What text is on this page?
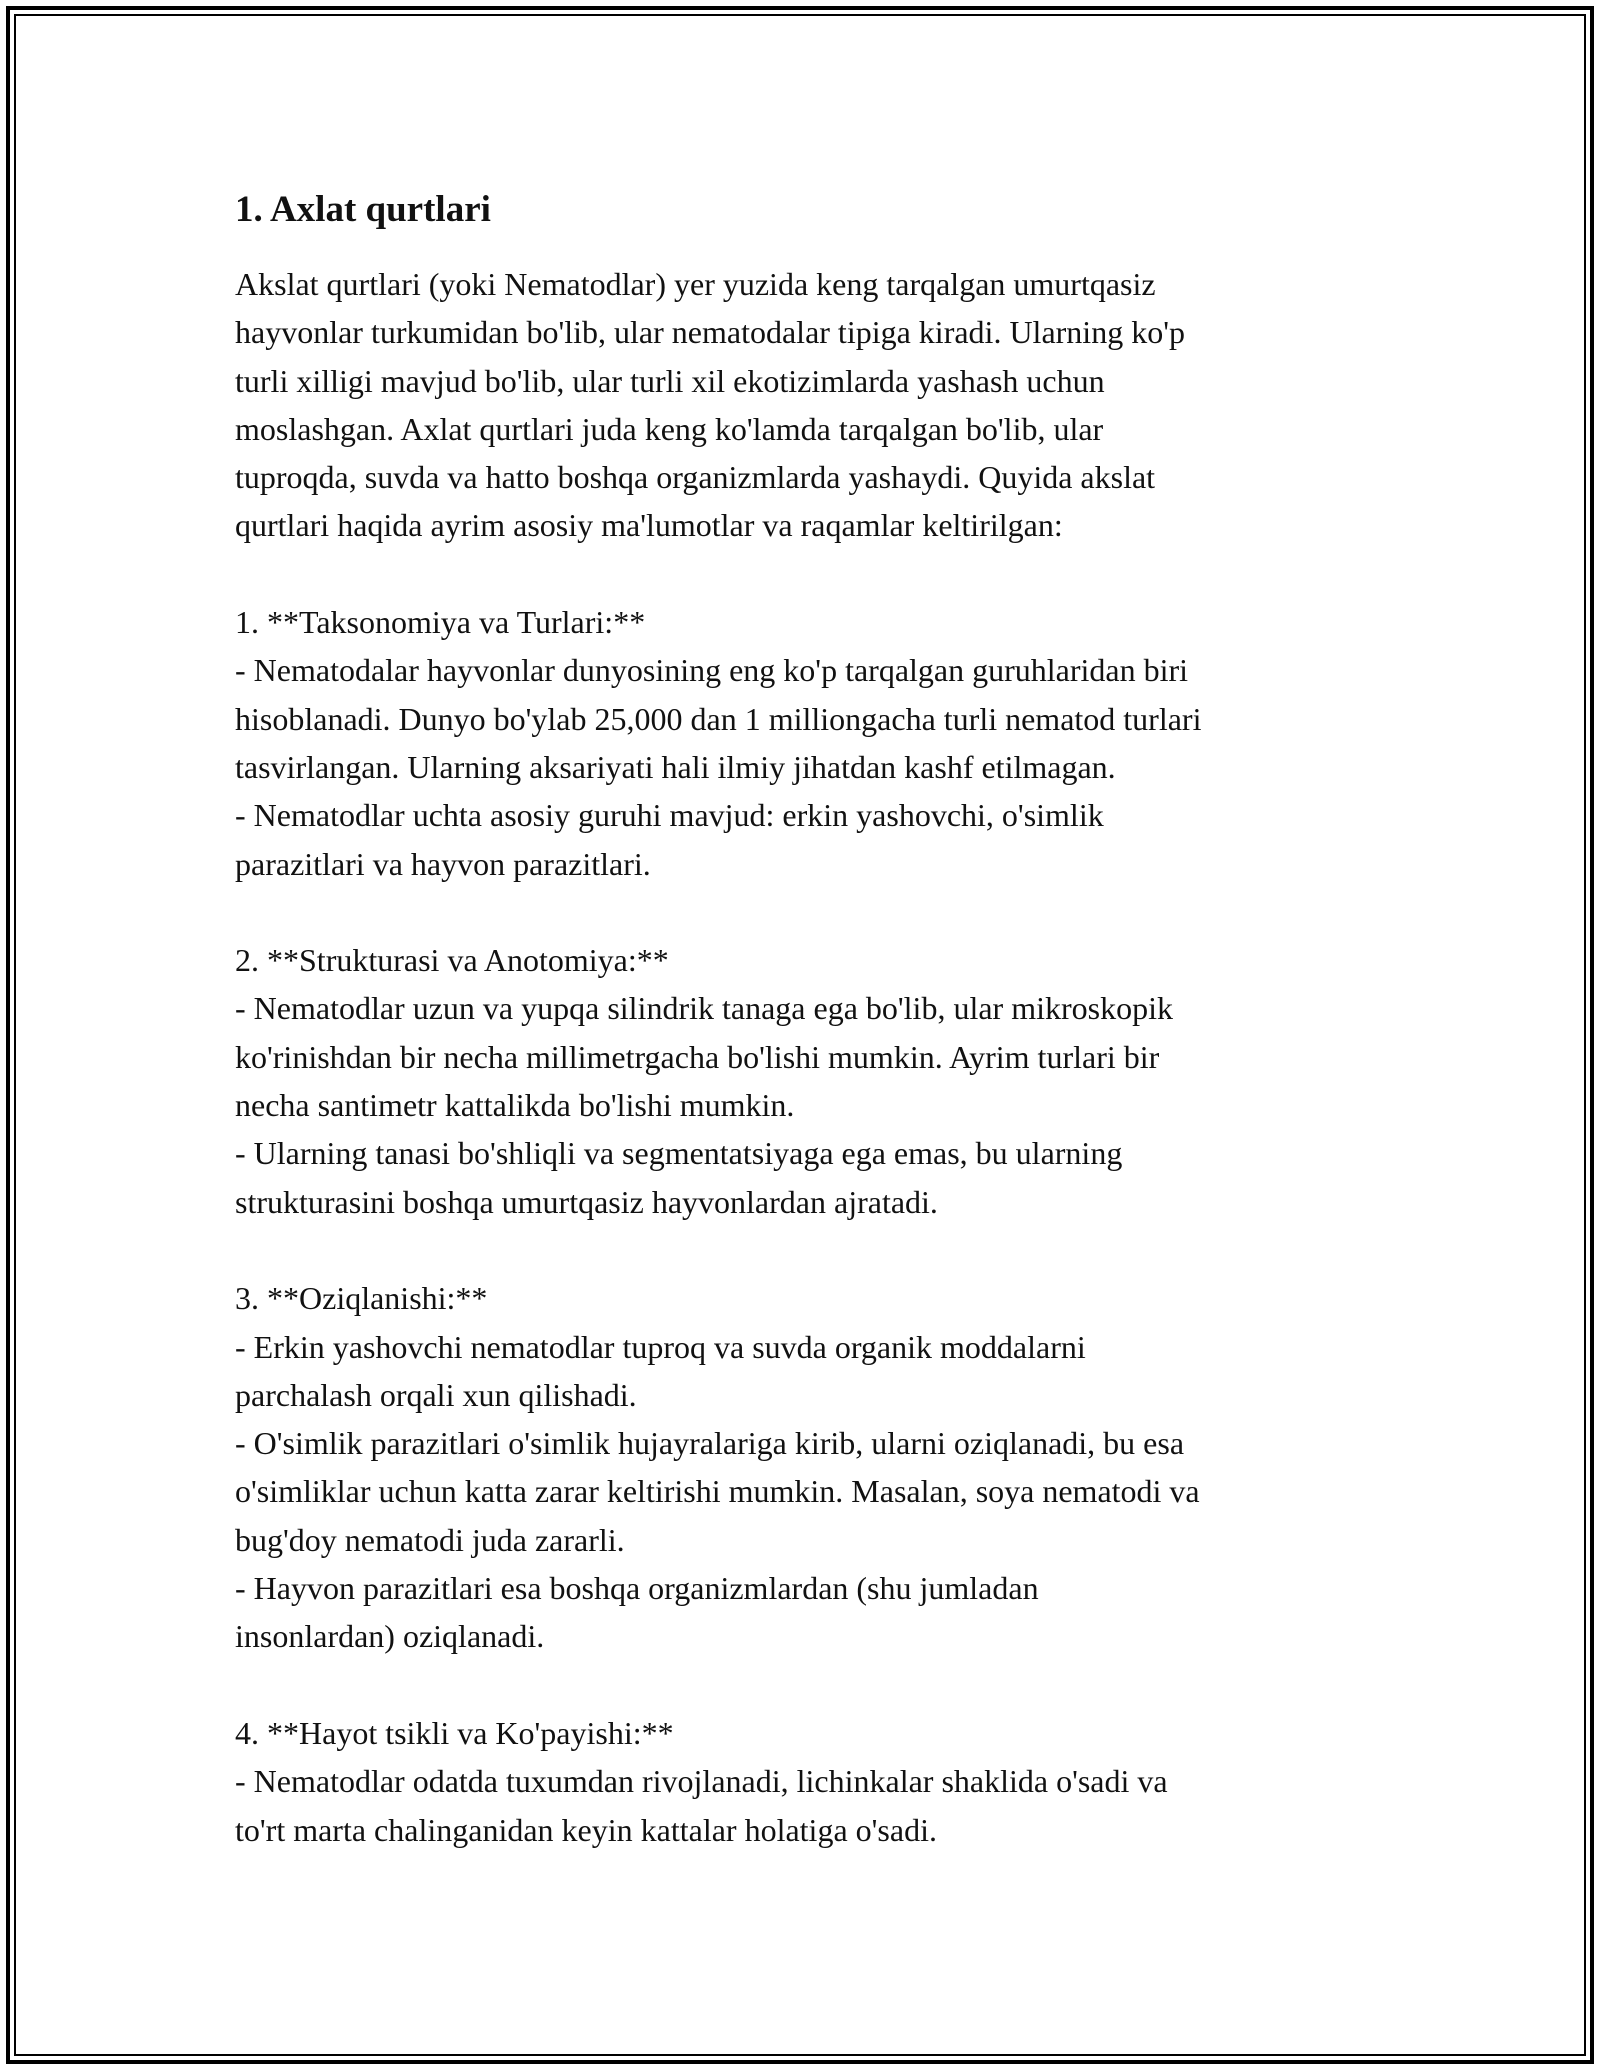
1. Axlat qurtlari

Akslat qurtlari (yoki Nematodlar) yer yuzida keng tarqalgan umurtqasiz
hayvonlar turkumidan bo'lib, ular nematodalar tipiga kiradi. Ularning ko'p
turli xilligi mavjud bo'lib, ular turli xil ekotizimlarda yashash uchun
moslashgan. Axlat qurtlari juda keng ko'lamda tarqalgan bo'lib, ular
tuproqda, suvda va hatto boshqa organizmlarda yashaydi. Quyida akslat
qurtlari haqida ayrim asosiy ma'lumotlar va raqamlar keltirilgan:

1. **Taksonomiya va Turlari:**
- Nematodalar hayvonlar dunyosining eng ko'p tarqalgan guruhlaridan biri
hisoblanadi. Dunyo bo'ylab 25,000 dan 1 milliongacha turli nematod turlari
tasvirlangan. Ularning aksariyati hali ilmiy jihatdan kashf etilmagan.
- Nematodlar uchta asosiy guruhi mavjud: erkin yashovchi, o'simlik
parazitlari va hayvon parazitlari.

2. **Strukturasi va Anotomiya:**
- Nematodlar uzun va yupqa silindrik tanaga ega bo'lib, ular mikroskopik
ko'rinishdan bir necha millimetrgacha bo'lishi mumkin. Ayrim turlari bir
necha santimetr kattalikda bo'lishi mumkin.
- Ularning tanasi bo'shliqli va segmentatsiyaga ega emas, bu ularning
strukturasini boshqa umurtqasiz hayvonlardan ajratadi.

3. **Oziqlanishi:**
- Erkin yashovchi nematodlar tuproq va suvda organik moddalarni
parchalash orqali xun qilishadi.
- O'simlik parazitlari o'simlik hujayralariga kirib, ularni oziqlanadi, bu esa
o'simliklar uchun katta zarar keltirishi mumkin. Masalan, soya nematodi va
bug'doy nematodi juda zararli.
- Hayvon parazitlari esa boshqa organizmlardan (shu jumladan
insonlardan) oziqlanadi.

4. **Hayot tsikli va Ko'payishi:**
- Nematodlar odatda tuxumdan rivojlanadi, lichinkalar shaklida o'sadi va
to'rt marta chalinganidan keyin kattalar holatiga o'sadi.
